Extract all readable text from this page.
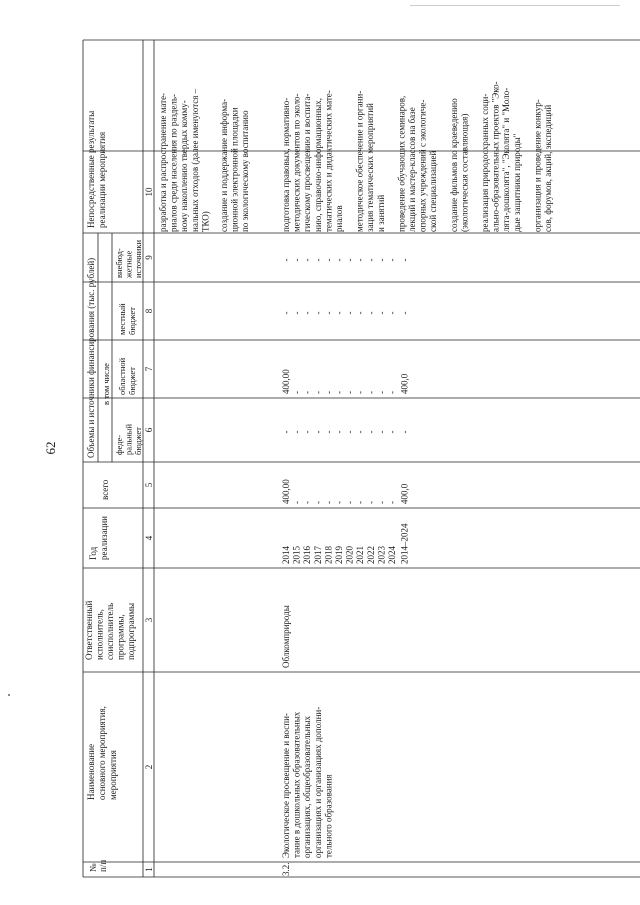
62
№ п/п
Наименование основного мероприятия, мероприятия
Ответственный исполнитель, соисполнитель программы, подпрограммы
Год реализации
Объемы и источники финансирования (тыс. рублей) в том числе
всего
феде- ральный бюджет
областной бюджет
местный бюджет
внебюд- жетные источники
Непосредственные результаты реализации мероприятия
1
2
3
4
5
6
7
8
9
10 разработка и распространение мате- риалов среди населения по раздель- ному накоплению твердых комму- нальных отходов (далее именуются – ТКО) создание и поддержание информа- ционной электронной площадки по экологическому воспитанию
3.2.
Экологическое просвещение и воспи- тание в дошкольных образовательных организациях, общеобразовательных организациях и организациях дополни- тельного образования
Облкомприроды
2014 2015 2016 2017 2018 2019 2020 2021 2022 2023 2024 2014–2024
400,00 - - - - - - - - - - 400,0
- - - - - - - - - - - -
400,00 - - - - - - - - - - 400,0
- - - - - - - - - - - -
- - - - - - - - - - - -
подготовка правовых, нормативно- методических документов по эколо- гическому просвещению и воспита- нию, справочно-информационных, тематических и дидактических мате- риалов методическое обеспечение и органи- зация тематических мероприятий и занятий проведение обучающих семинаров, лекций и мастер-классов на базе опорных учреждений с экологиче- ской специализацией создание фильмов по краеведению (экологическая составляющая) реализация природоохранных соци- ально-образовательных проектов "Эко- лята-дошколята", "Эколята" и "Моло- дые защитники природы" организация и проведение конкур- сов, форумов, акций, экспедиций
